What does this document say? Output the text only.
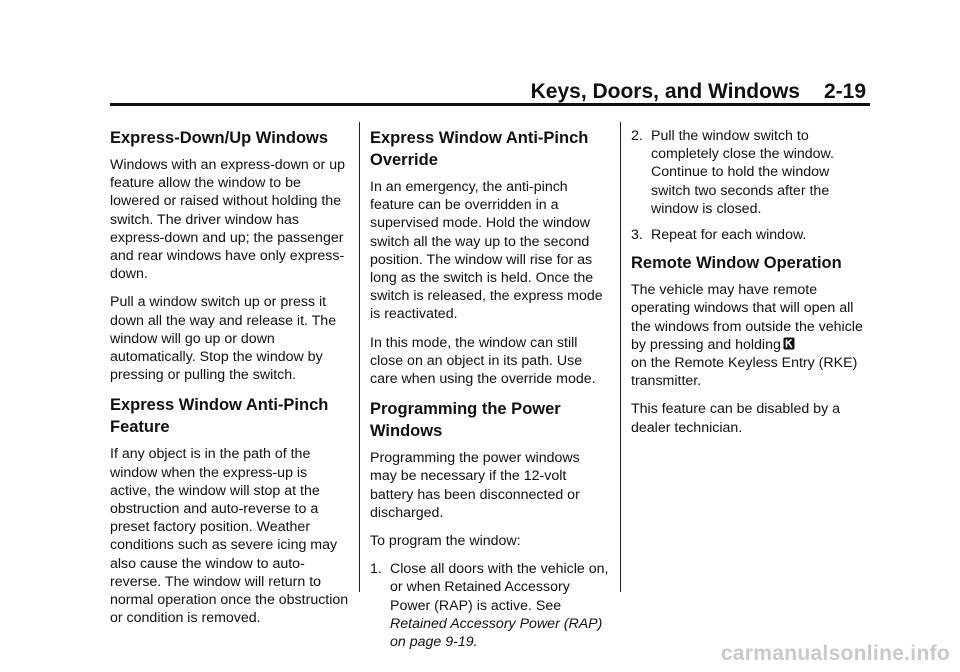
Keys, Doors, and Windows 2-19
Express-Down/Up Windows

Windows with an express-down or up feature allow the window to be lowered or raised without holding the switch. The driver window has express-down and up; the passenger and rear windows have only express-down.

Pull a window switch up or press it down all the way and release it. The window will go up or down automatically. Stop the window by pressing or pulling the switch.

Express Window Anti-Pinch Feature

If any object is in the path of the window when the express-up is active, the window will stop at the obstruction and auto-reverse to a preset factory position. Weather conditions such as severe icing may also cause the window to auto-reverse. The window will return to normal operation once the obstruction or condition is removed.

Express Window Anti-Pinch Override

In an emergency, the anti-pinch feature can be overridden in a supervised mode. Hold the window switch all the way up to the second position. The window will rise for as long as the switch is held. Once the switch is released, the express mode is reactivated.

In this mode, the window can still close on an object in its path. Use care when using the override mode.

Programming the Power Windows

Programming the power windows may be necessary if the 12-volt battery has been disconnected or discharged.

To program the window:

1. Close all doors with the vehicle on, or when Retained Accessory Power (RAP) is active. See
Retained Accessory Power (RAP) on page 9-19.
2. Pull the window switch to completely close the window. Continue to hold the window switch two seconds after the window is closed.
3. Repeat for each window.
Remote Window Operation

The vehicle may have remote operating windows that will open all the windows from outside the vehicle by pressing and holding
on the Remote Keyless Entry (RKE) transmitter.

This feature can be disabled by a dealer technician.

carmanualsonline.info
